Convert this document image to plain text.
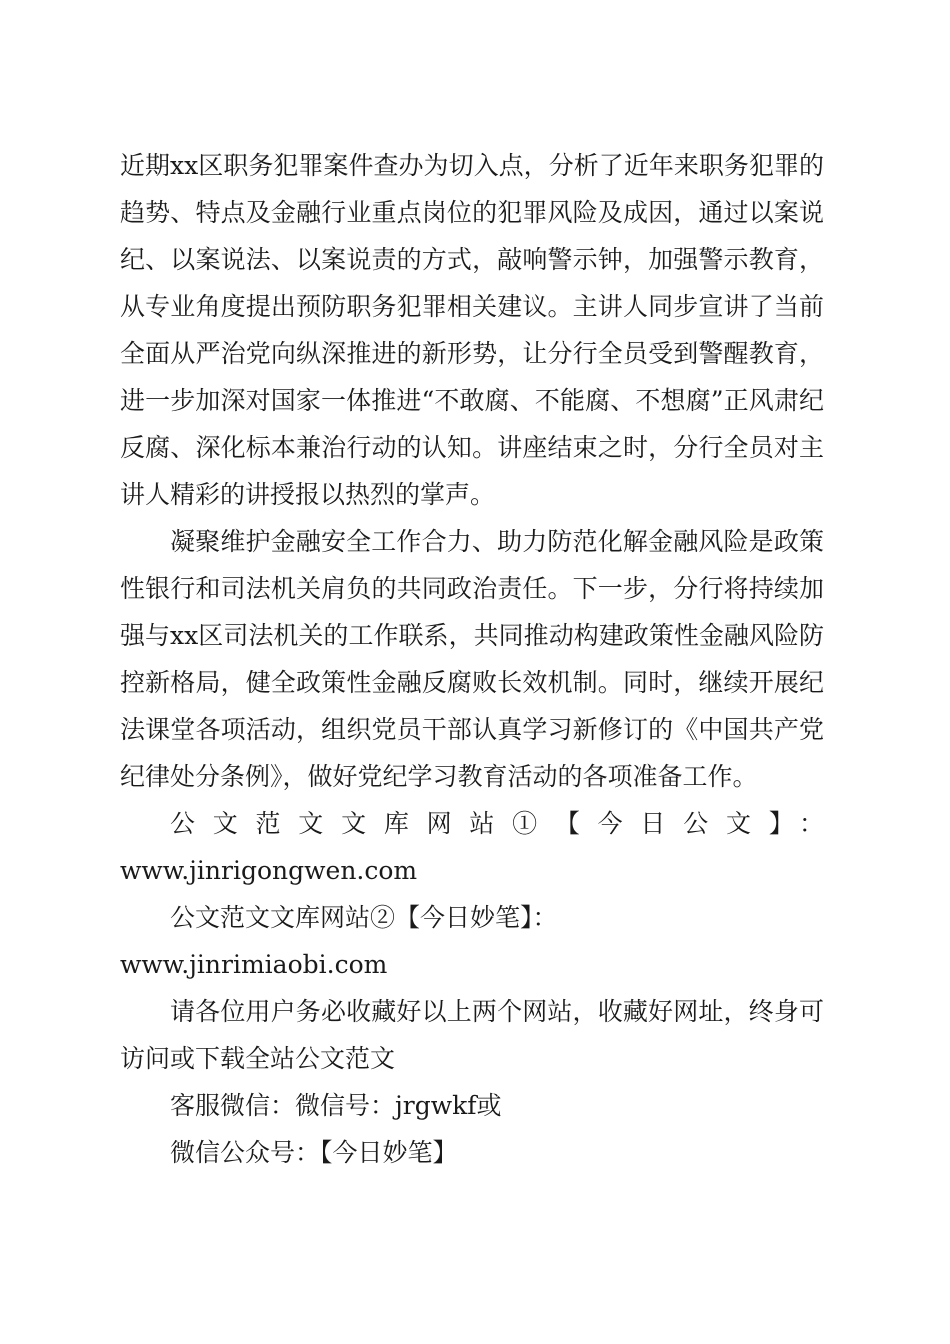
近期xx区职务犯罪案件查办为切入点，分析了近年来职务犯罪的趋势、特点及金融行业重点岗位的犯罪风险及成因，通过以案说纪、以案说法、以案说责的方式，敲响警示钟，加强警示教育，从专业角度提出预防职务犯罪相关建议。主讲人同步宣讲了当前全面从严治党向纵深推进的新形势，让分行全员受到警醒教育，进一步加深对国家一体推进“不敢腐、不能腐、不想腐”正风肃纪反腐、深化标本兼治行动的认知。讲座结束之时，分行全员对主讲人精彩的讲授报以热烈的掌声。

凝聚维护金融安全工作合力、助力防范化解金融风险是政策性银行和司法机关肩负的共同政治责任。下一步，分行将持续加强与xx区司法机关的工作联系，共同推动构建政策性金融风险防控新格局，健全政策性金融反腐败长效机制。同时，继续开展纪法课堂各项活动，组织党员干部认真学习新修订的《中国共产党纪律处分条例》，做好党纪学习教育活动的各项准备工作。

公文范文文库网站①【今日公文】：

www.jinrigongwen.com

公文范文文库网站②【今日妙笔】：www.jinrimiaobi.com

请各位用户务必收藏好以上两个网站，收藏好网址，终身可访问或下载全站公文范文

客服微信：微信号：jrgwkf或

微信公众号：【今日妙笔】
